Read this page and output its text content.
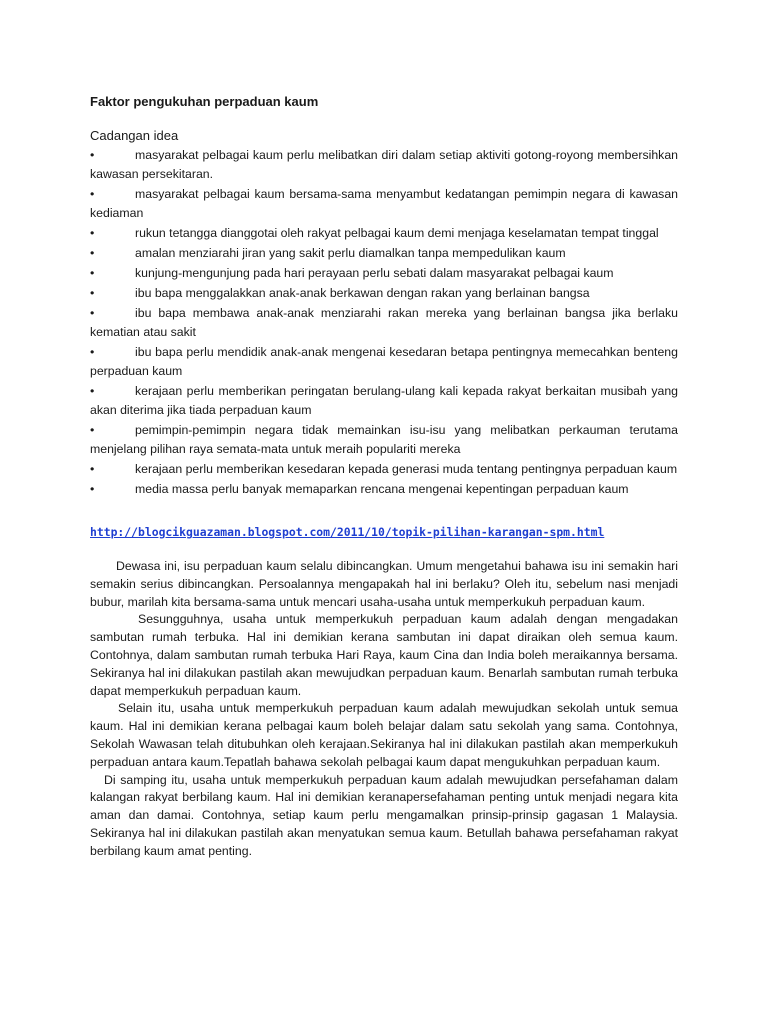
Faktor pengukuhan perpaduan kaum

Cadangan idea

•	masyarakat pelbagai kaum perlu melibatkan diri dalam setiap aktiviti gotong-royong membersihkan kawasan persekitaran.
•	masyarakat pelbagai kaum bersama-sama menyambut kedatangan pemimpin negara di kawasan kediaman
•	rukun tetangga dianggotai oleh rakyat pelbagai kaum demi menjaga keselamatan tempat tinggal
•	amalan menziarahi jiran yang sakit perlu diamalkan tanpa mempedulikan kaum
•	kunjung-mengunjung pada hari perayaan perlu sebati dalam masyarakat pelbagai kaum
•	ibu bapa menggalakkan anak-anak berkawan dengan rakan yang berlainan bangsa
•	ibu bapa membawa anak-anak menziarahi rakan mereka yang berlainan bangsa jika berlaku kematian atau sakit
•	ibu bapa perlu mendidik anak-anak mengenai kesedaran betapa pentingnya memecahkan benteng perpaduan kaum
•	kerajaan perlu memberikan peringatan berulang-ulang kali kepada rakyat berkaitan musibah yang akan diterima jika tiada perpaduan kaum
•	pemimpin-pemimpin negara tidak memainkan isu-isu yang melibatkan perkauman terutama menjelang pilihan raya semata-mata untuk meraih populariti mereka
•	kerajaan perlu memberikan kesedaran kepada generasi muda tentang pentingnya perpaduan kaum
•	media massa perlu banyak memaparkan rencana mengenai kepentingan perpaduan kaum
http://blogcikguazaman.blogspot.com/2011/10/topik-pilihan-karangan-spm.html

Dewasa ini, isu perpaduan kaum selalu dibincangkan. Umum mengetahui bahawa isu ini semakin hari semakin serius dibincangkan. Persoalannya mengapakah hal ini berlaku? Oleh itu, sebelum nasi menjadi bubur, marilah kita bersama-sama untuk mencari usaha-usaha untuk memperkukuh perpaduan kaum.

Sesungguhnya, usaha untuk memperkukuh perpaduan kaum adalah dengan mengadakan sambutan rumah terbuka. Hal ini demikian kerana sambutan ini dapat diraikan oleh semua kaum. Contohnya, dalam sambutan rumah terbuka Hari Raya, kaum Cina dan India boleh meraikannya bersama. Sekiranya hal ini dilakukan pastilah akan mewujudkan perpaduan kaum. Benarlah sambutan rumah terbuka dapat memperkukuh perpaduan kaum.

Selain itu, usaha untuk memperkukuh perpaduan kaum adalah mewujudkan sekolah untuk semua kaum. Hal ini demikian kerana pelbagai kaum boleh belajar dalam satu sekolah yang sama. Contohnya, Sekolah Wawasan telah ditubuhkan oleh kerajaan.Sekiranya hal ini dilakukan pastilah akan memperkukuh perpaduan antara kaum.Tepatlah bahawa sekolah pelbagai kaum dapat mengukuhkan perpaduan kaum.

Di samping itu, usaha untuk memperkukuh perpaduan kaum adalah mewujudkan persefahaman dalam kalangan rakyat berbilang kaum. Hal ini demikian keranapersefahaman penting untuk menjadi negara kita aman dan damai. Contohnya, setiap kaum perlu mengamalkan prinsip-prinsip gagasan 1 Malaysia. Sekiranya hal ini dilakukan pastilah akan menyatukan semua kaum. Betullah bahawa persefahaman rakyat berbilang kaum amat penting.
